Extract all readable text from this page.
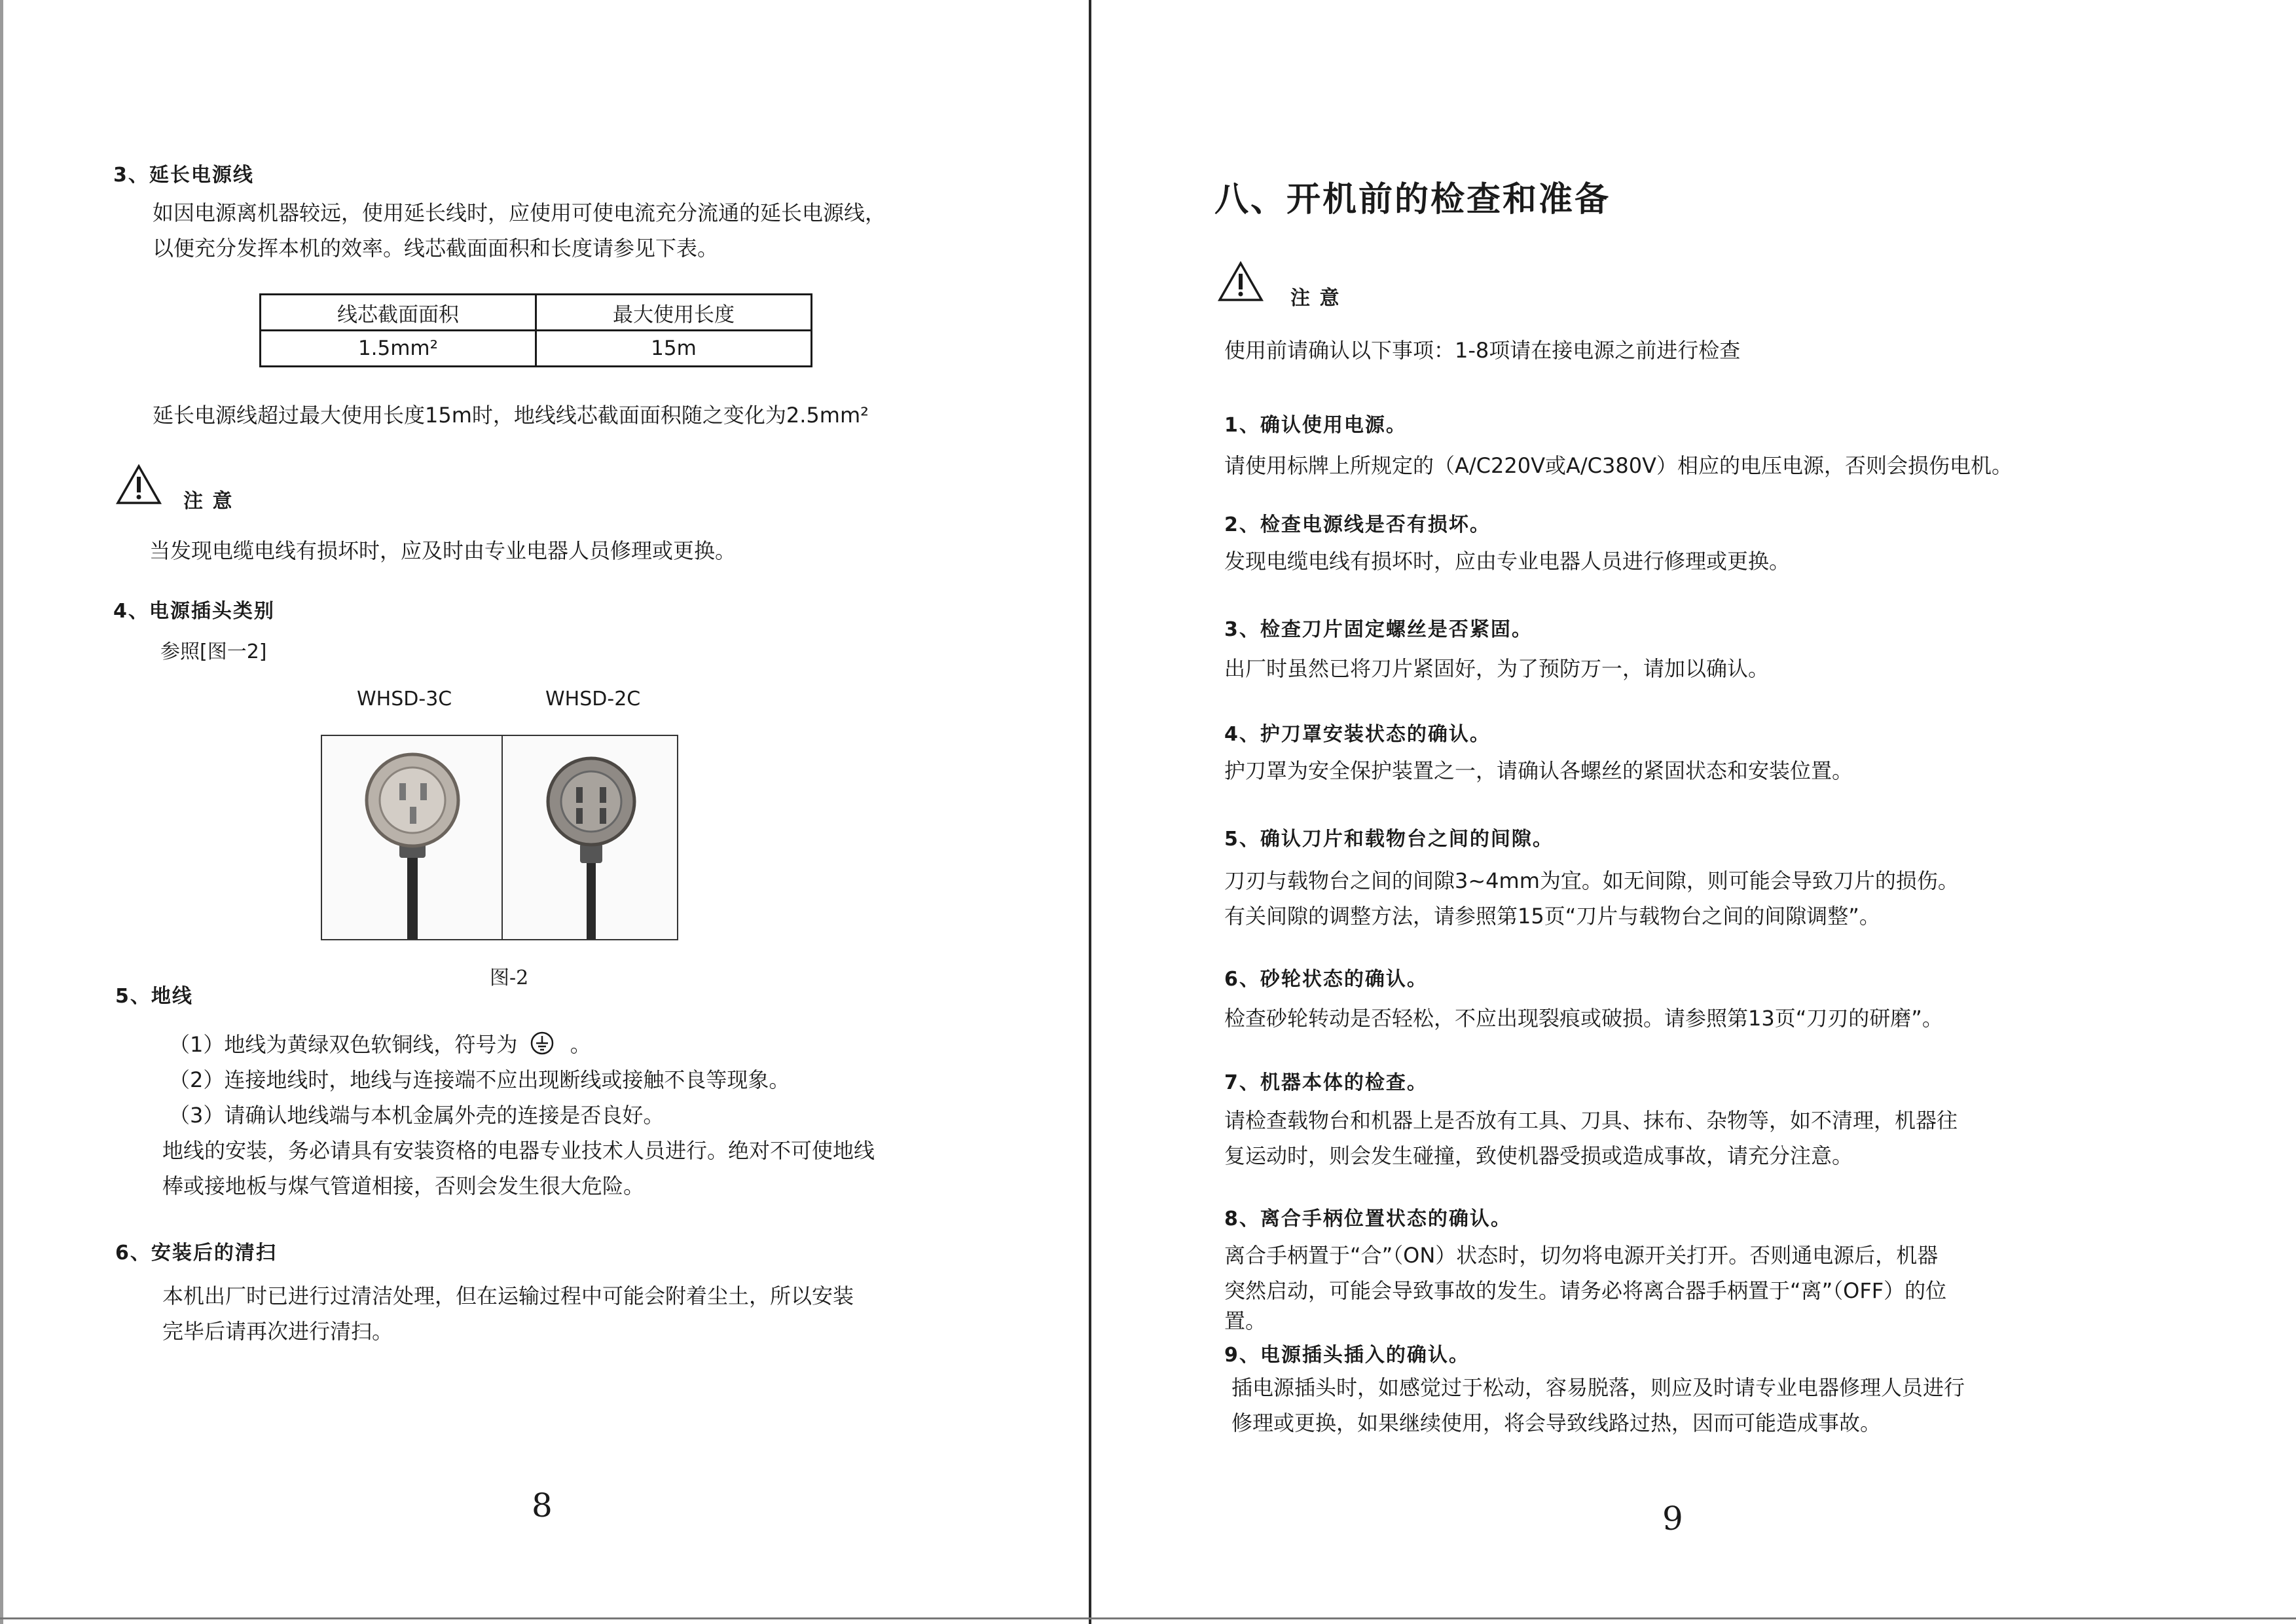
3、延长电源线
如因电源离机器较远，使用延长线时，应使用可使电流充分流通的延长电源线，
以便充分发挥本机的效率。线芯截面面积和长度请参见下表。
线芯截面面积	最大使用长度
1.5mm²	15m
延长电源线超过最大使用长度15m时，地线线芯截面面积随之变化为2.5mm²
注 意
当发现电缆电线有损坏时，应及时由专业电器人员修理或更换。
4、电源插头类别
参照[图一2]
WHSD-3C	WHSD-2C
图-2
5、地线
（1）地线为黄绿双色软铜线，符号为	。
（2）连接地线时，地线与连接端不应出现断线或接触不良等现象。
（3）请确认地线端与本机金属外壳的连接是否良好。
地线的安装，务必请具有安装资格的电器专业技术人员进行。绝对不可使地线
棒或接地板与煤气管道相接，否则会发生很大危险。
6、安装后的清扫
本机出厂时已进行过清洁处理，但在运输过程中可能会附着尘土，所以安装
完毕后请再次进行清扫。
8
八、开机前的检查和准备
注 意
使用前请确认以下事项：1-8项请在接电源之前进行检查
1、确认使用电源。
请使用标牌上所规定的（A/C220V或A/C380V）相应的电压电源，否则会损伤电机。
2、检查电源线是否有损坏。
发现电缆电线有损坏时，应由专业电器人员进行修理或更换。
3、检查刀片固定螺丝是否紧固。
出厂时虽然已将刀片紧固好，为了预防万一，请加以确认。
4、护刀罩安装状态的确认。
护刀罩为安全保护装置之一，请确认各螺丝的紧固状态和安装位置。
5、确认刀片和载物台之间的间隙。
刀刃与载物台之间的间隙3~4mm为宜。如无间隙，则可能会导致刀片的损伤。
有关间隙的调整方法，请参照第15页“刀片与载物台之间的间隙调整”。
6、砂轮状态的确认。
检查砂轮转动是否轻松，不应出现裂痕或破损。请参照第13页“刀刃的研磨”。
7、机器本体的检查。
请检查载物台和机器上是否放有工具、刀具、抹布、杂物等，如不清理，机器往
复运动时，则会发生碰撞，致使机器受损或造成事故，请充分注意。
8、离合手柄位置状态的确认。
离合手柄置于“合”（ON）状态时，切勿将电源开关打开。否则通电源后，机器
突然启动，可能会导致事故的发生。请务必将离合器手柄置于“离”（OFF）的位
置。
9、电源插头插入的确认。
插电源插头时，如感觉过于松动，容易脱落，则应及时请专业电器修理人员进行
修理或更换，如果继续使用，将会导致线路过热，因而可能造成事故。
9
